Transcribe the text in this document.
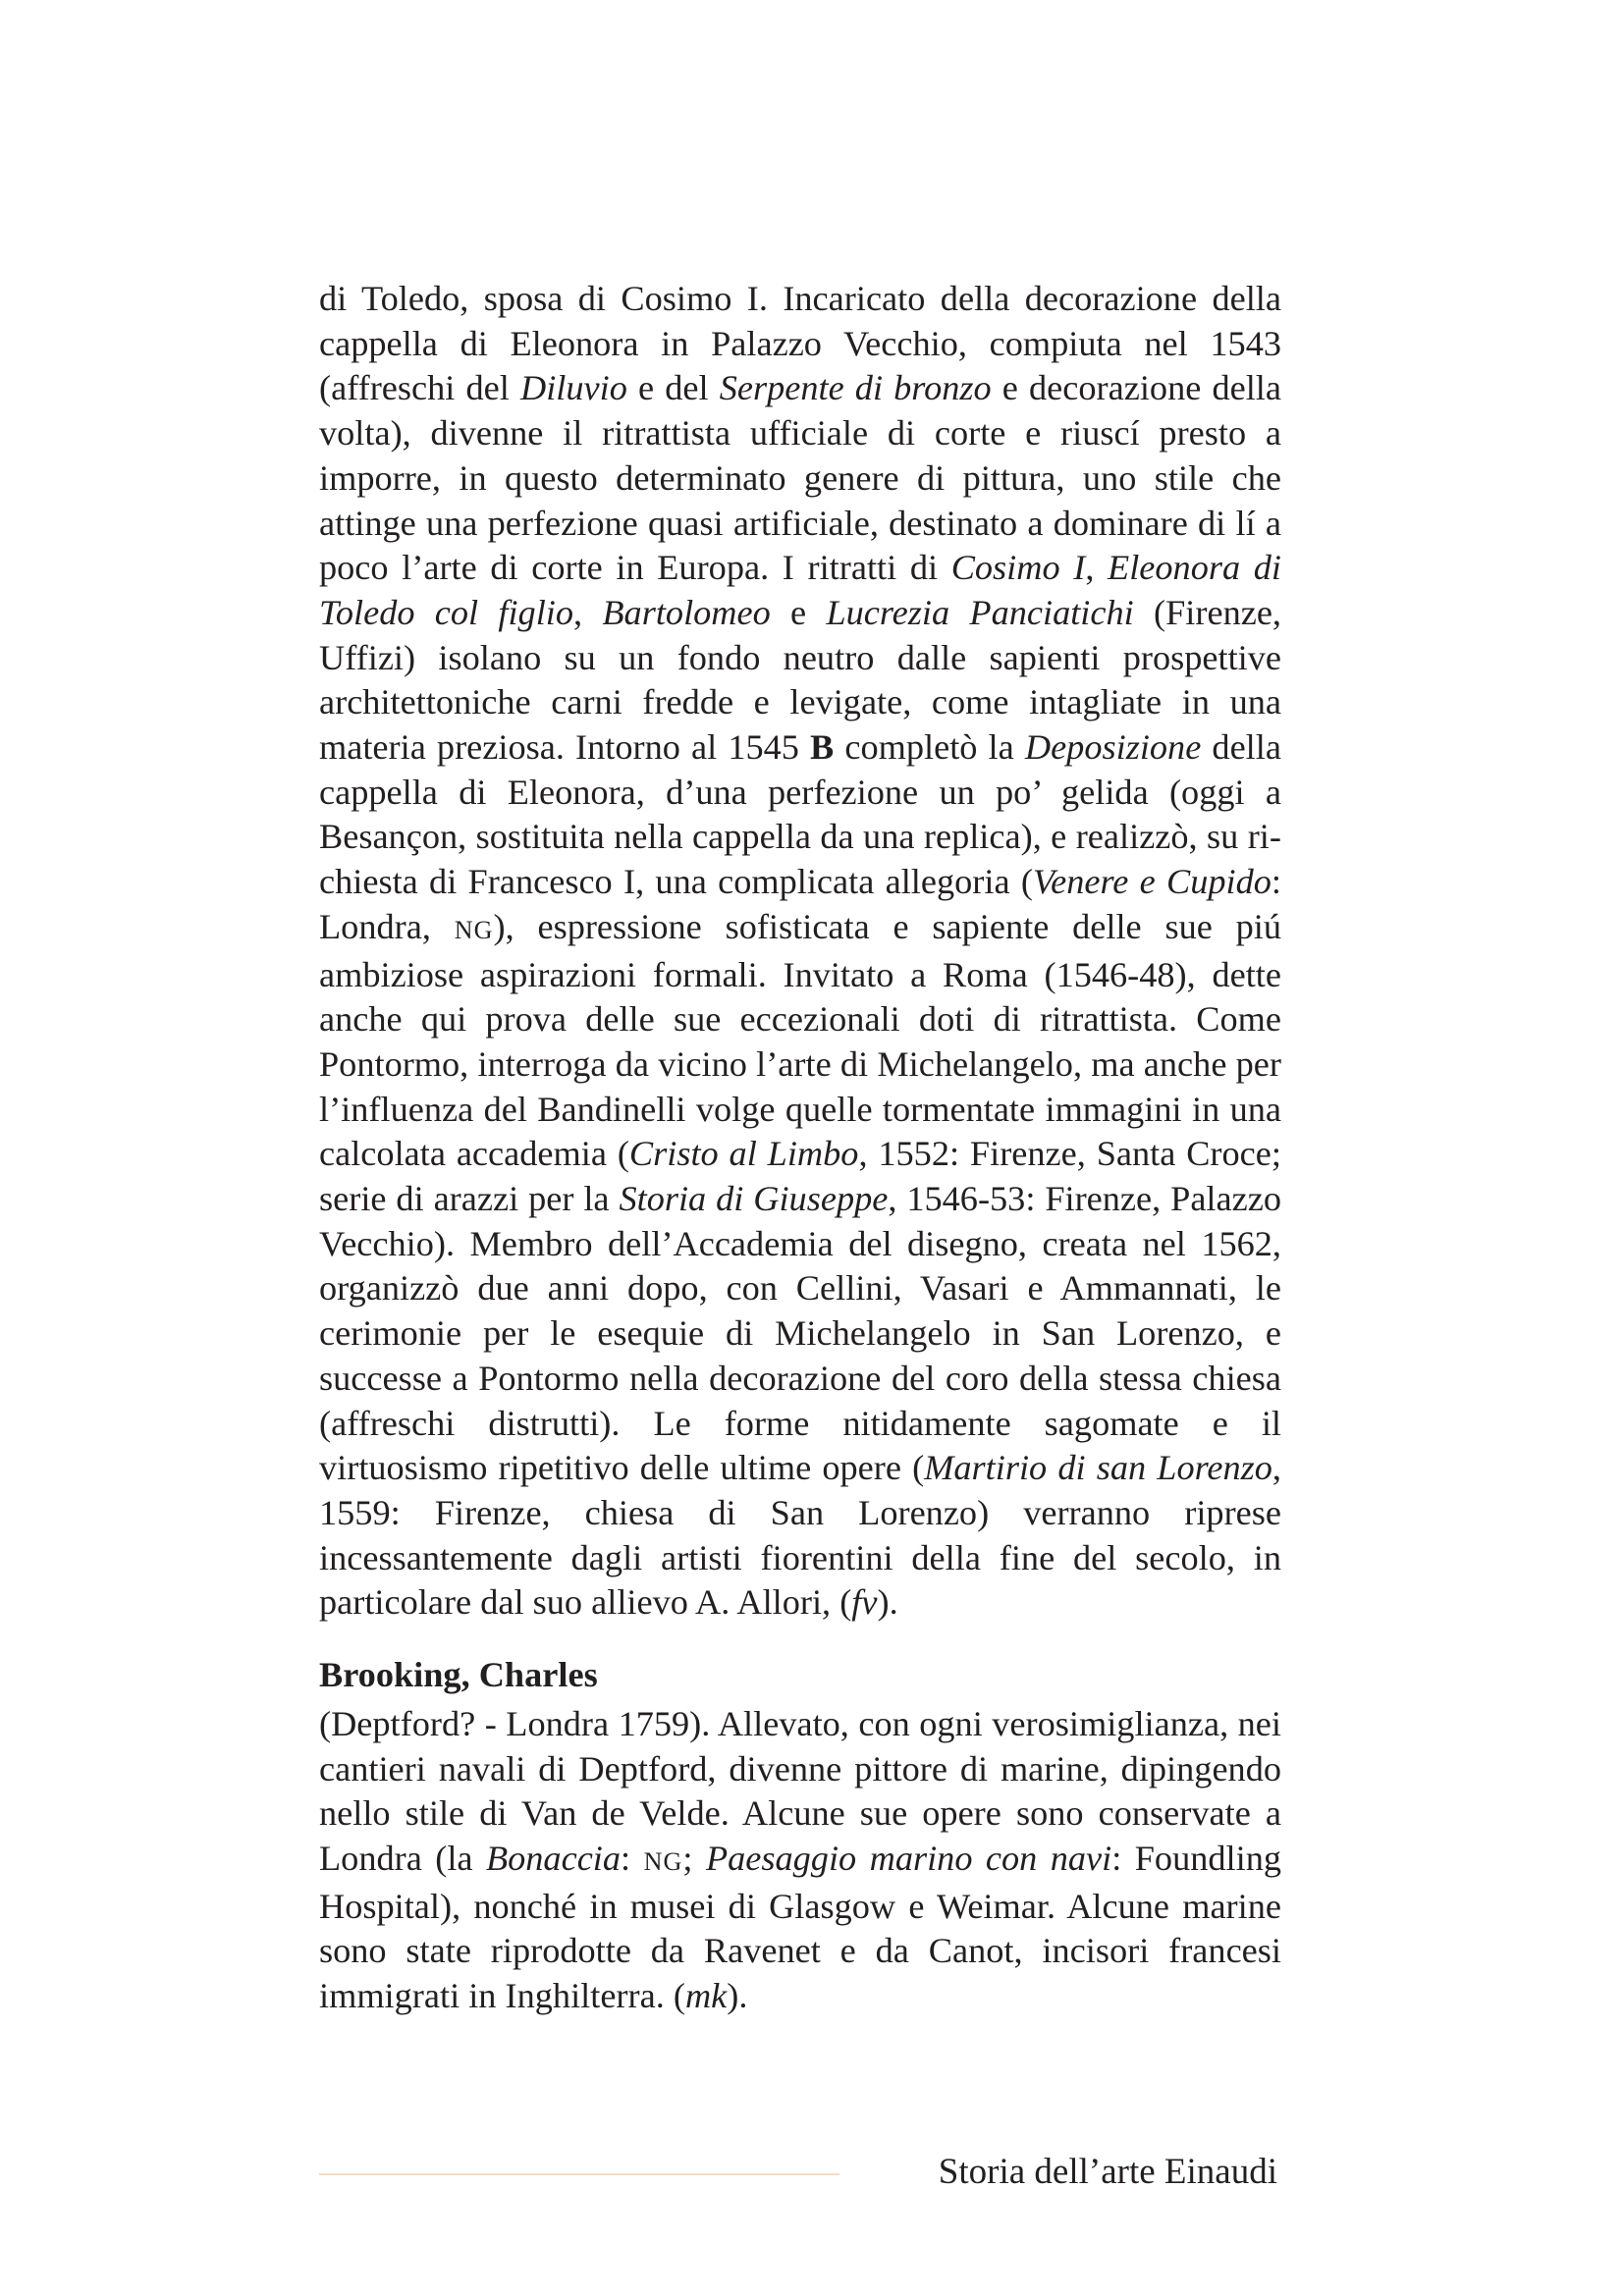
di Toledo, sposa di Cosimo I. Incaricato della decorazione della cappella di Eleonora in Palazzo Vecchio, compiuta nel 1543 (affreschi del Diluvio e del Serpente di bronzo e decorazione della volta), divenne il ritrattista ufficiale di corte e riuscí presto a imporre, in questo determinato genere di pittura, uno stile che attinge una perfezione quasi artificiale, destinato a dominare di lí a poco l’arte di corte in Europa. I ritratti di Cosimo I, Eleonora di Toledo col figlio, Bartolomeo e Lucrezia Panciatichi (Firenze, Uffizi) isolano su un fondo neutro dalle sapienti prospettive architettoniche carni fredde e levigate, come intagliate in una materia preziosa. Intorno al 1545 B completò la Deposizione della cappella di Eleonora, d’una perfezione un po’ gelida (oggi a Besançon, sostituita nella cappella da una replica), e realizzò, su richiesta di Francesco I, una complicata allegoria (Venere e Cupido: Londra, NG), espressione sofisticata e sapiente delle sue piú ambiziose aspirazioni formali. Invitato a Roma (1546-48), dette anche qui prova delle sue eccezionali doti di ritrattista. Come Pontormo, interroga da vicino l’arte di Michelangelo, ma anche per l’influenza del Bandinelli volge quelle tormentate immagini in una calcolata accademia (Cristo al Limbo, 1552: Firenze, Santa Croce; serie di arazzi per la Storia di Giuseppe, 1546-53: Firenze, Palazzo Vecchio). Membro dell’Accademia del disegno, creata nel 1562, organizzò due anni dopo, con Cellini, Vasari e Ammannati, le cerimonie per le esequie di Michelangelo in San Lorenzo, e successe a Pontormo nella decorazione del coro della stessa chiesa (affreschi distrutti). Le forme nitidamente sagomate e il virtuosismo ripetitivo delle ultime opere (Martirio di san Lorenzo, 1559: Firenze, chiesa di San Lorenzo) verranno riprese incessantemente dagli artisti fiorentini della fine del secolo, in particolare dal suo allievo A. Allori, (fv).

Brooking, Charles

(Deptford? - Londra 1759). Allevato, con ogni verosimiglianza, nei cantieri navali di Deptford, divenne pittore di marine, dipingendo nello stile di Van de Velde. Alcune sue opere sono conservate a Londra (la Bonaccia: NG; Paesaggio marino con navi: Foundling Hospital), nonché in musei di Glasgow e Weimar. Alcune marine sono state riprodotte da Ravenet e da Canot, incisori francesi immigrati in Inghilterra. (mk).

Storia dell’arte Einaudi
